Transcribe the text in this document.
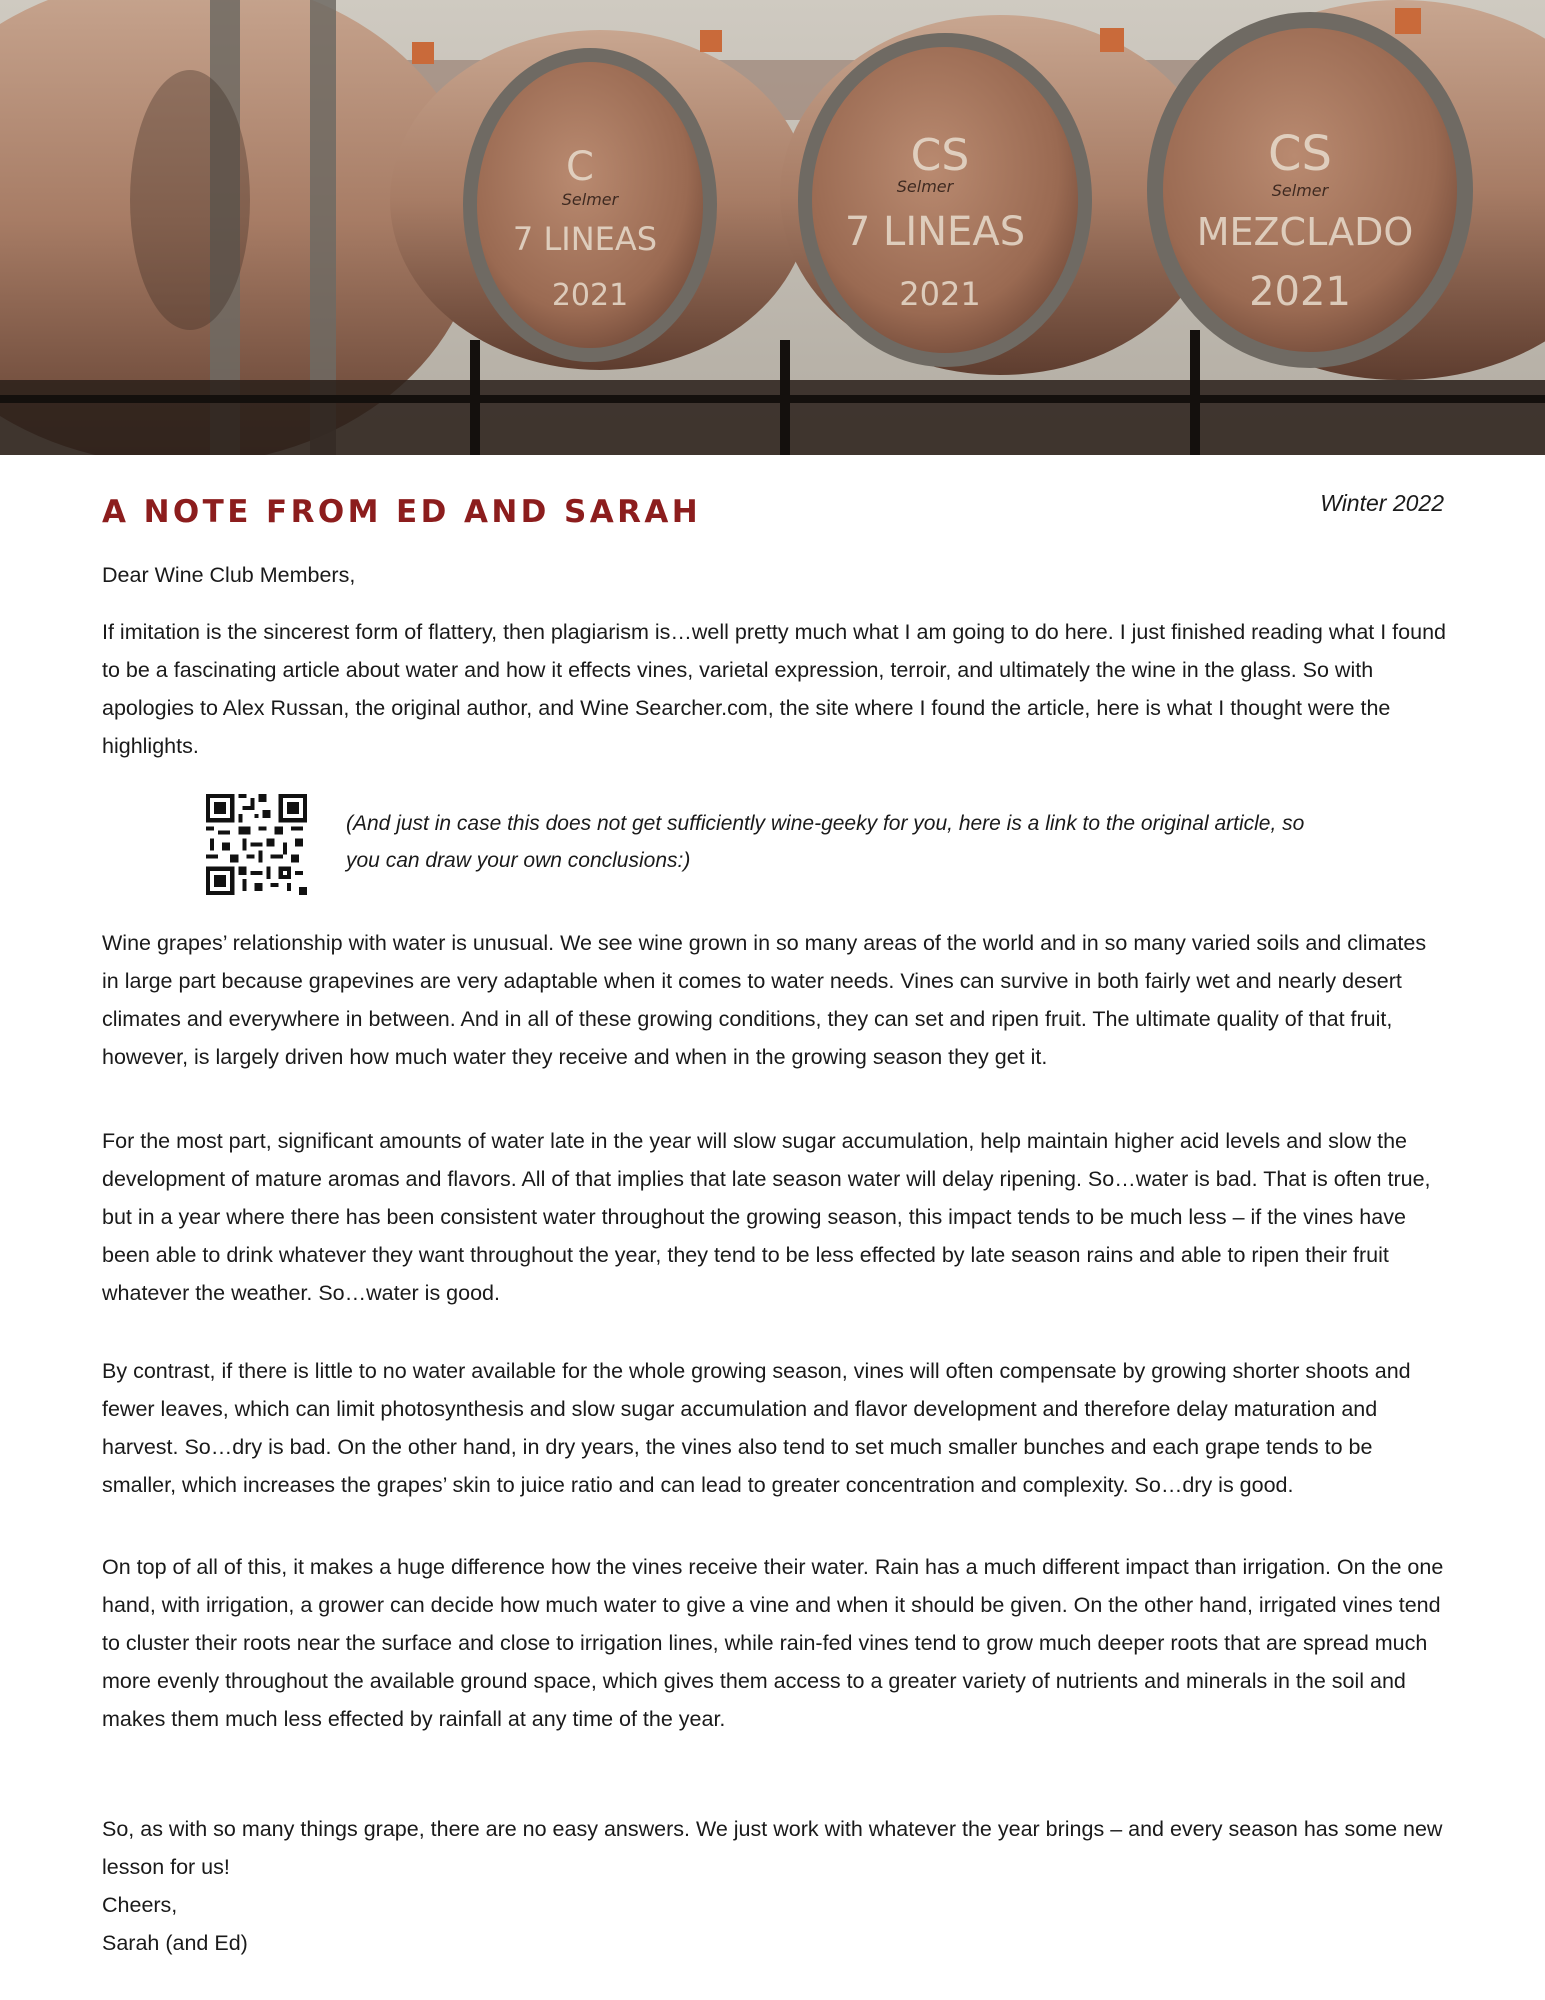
C
Selmer
7 LINEAS
2021
CS
Selmer
7 LINEAS
2021
CS
Selmer
MEZCLADO
2021
A NOTE FROM ED AND SARAH	Winter 2022

Dear Wine Club Members,

If imitation is the sincerest form of flattery, then plagiarism is…well pretty much what I am going to do here. I just finished reading what I found to be a fascinating article about water and how it effects vines, varietal expression, terroir, and ultimately the wine in the glass. So with apologies to Alex Russan, the original author, and Wine Searcher.com, the site where I found the article, here is what I thought were the highlights.

(And just in case this does not get sufficiently wine-geeky for you, here is a link to the original article, so you can draw your own conclusions:)

Wine grapes’ relationship with water is unusual. We see wine grown in so many areas of the world and in so many varied soils and climates in large part because grapevines are very adaptable when it comes to water needs. Vines can survive in both fairly wet and nearly desert climates and everywhere in between. And in all of these growing conditions, they can set and ripen fruit. The ultimate quality of that fruit, however, is largely driven how much water they receive and when in the growing season they get it.

For the most part, significant amounts of water late in the year will slow sugar accumulation, help maintain higher acid levels and slow the development of mature aromas and flavors. All of that implies that late season water will delay ripening. So…water is bad. That is often true, but in a year where there has been consistent water throughout the growing season, this impact tends to be much less – if the vines have been able to drink whatever they want throughout the year, they tend to be less effected by late season rains and able to ripen their fruit whatever the weather. So…water is good.

By contrast, if there is little to no water available for the whole growing season, vines will often compensate by growing shorter shoots and fewer leaves, which can limit photosynthesis and slow sugar accumulation and flavor development and therefore delay maturation and harvest. So…dry is bad. On the other hand, in dry years, the vines also tend to set much smaller bunches and each grape tends to be smaller, which increases the grapes’ skin to juice ratio and can lead to greater concentration and complexity. So…dry is good.

On top of all of this, it makes a huge difference how the vines receive their water. Rain has a much different impact than irrigation. On the one hand, with irrigation, a grower can decide how much water to give a vine and when it should be given. On the other hand, irrigated vines tend to cluster their roots near the surface and close to irrigation lines, while rain-fed vines tend to grow much deeper roots that are spread much more evenly throughout the available ground space, which gives them access to a greater variety of nutrients and minerals in the soil and makes them much less effected by rainfall at any time of the year.

So, as with so many things grape, there are no easy answers. We just work with whatever the year brings – and every season has some new lesson for us!

Cheers,

Sarah (and Ed)
